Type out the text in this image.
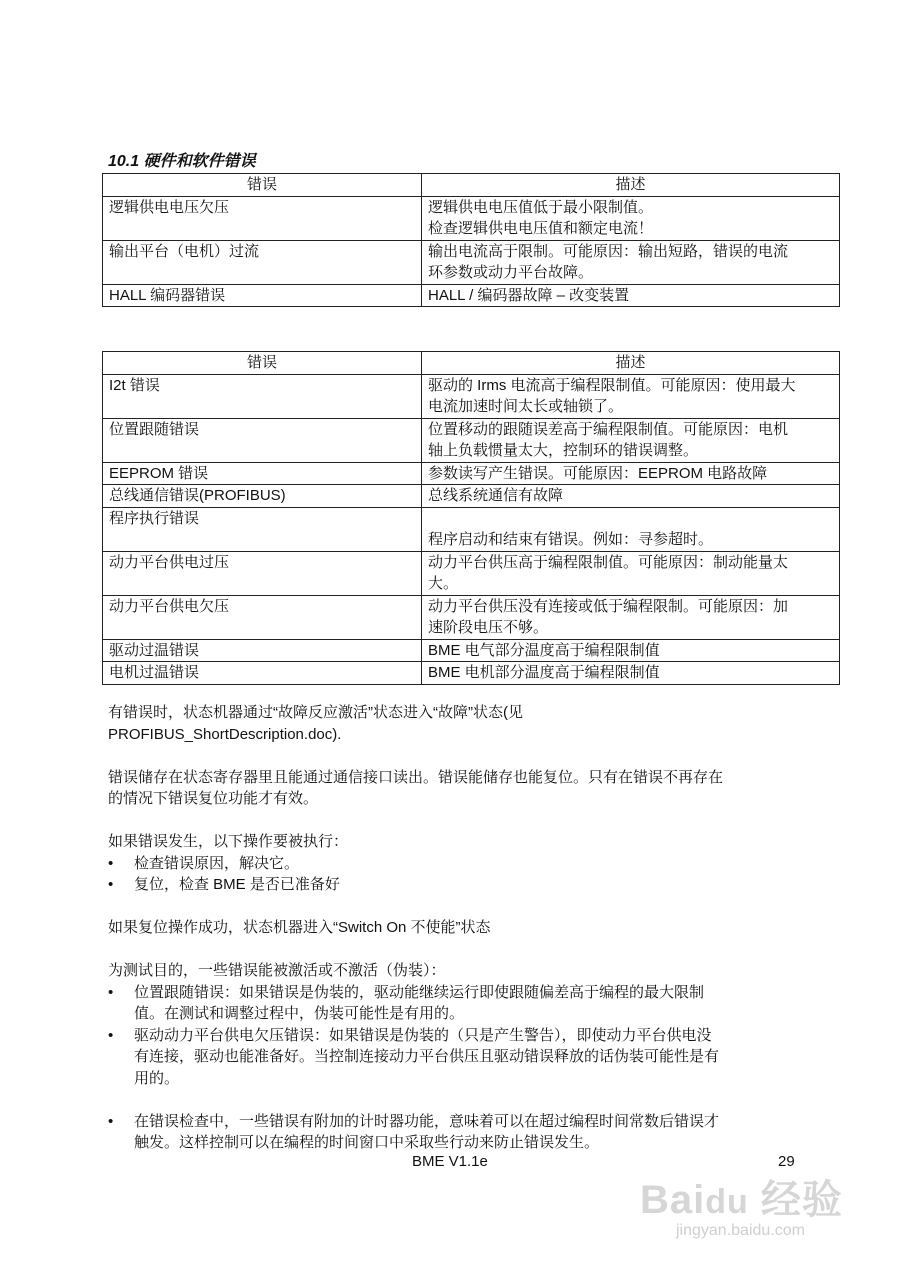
10.1 硬件和软件错误
错误	描述

逻辑供电电压欠压	逻辑供电电压值低于最小限制值。
检查逻辑供电电压值和额定电流！

输出平台（电机）过流	输出电流高于限制。可能原因：输出短路，错误的电流
环参数或动力平台故障。

HALL 编码器错误	HALL / 编码器故障 – 改变装置
错误	描述

I2t 错误	驱动的 Irms 电流高于编程限制值。可能原因：使用最大
电流加速时间太长或轴锁了。

位置跟随错误	位置移动的跟随误差高于编程限制值。可能原因：电机
轴上负载惯量太大，控制环的错误调整。

EEPROM 错误	参数读写产生错误。可能原因：EEPROM 电路故障

总线通信错误(PROFIBUS)	总线系统通信有故障

程序执行错误	程序启动和结束有错误。例如：寻参超时。

动力平台供电过压	动力平台供压高于编程限制值。可能原因：制动能量太
大。

动力平台供电欠压	动力平台供压没有连接或低于编程限制。可能原因：加
速阶段电压不够。

驱动过温错误	BME 电气部分温度高于编程限制值

电机过温错误	BME 电机部分温度高于编程限制值
有错误时，状态机器通过“故障反应激活”状态进入“故障”状态(见
PROFIBUS_ShortDescription.doc).
错误储存在状态寄存器里且能通过通信接口读出。错误能储存也能复位。只有在错误不再存在
的情况下错误复位功能才有效。
如果错误发生，以下操作要被执行：
• 检查错误原因，解决它。
• 复位，检查 BME 是否已准备好
如果复位操作成功，状态机器进入“Switch On 不使能”状态
为测试目的，一些错误能被激活或不激活（伪装）：
• 位置跟随错误：如果错误是伪装的，驱动能继续运行即使跟随偏差高于编程的最大限制
值。在测试和调整过程中，伪装可能性是有用的。
• 驱动动力平台供电欠压错误：如果错误是伪装的（只是产生警告），即使动力平台供电没
有连接，驱动也能准备好。当控制连接动力平台供压且驱动错误释放的话伪装可能性是有
用的。
• 在错误检查中，一些错误有附加的计时器功能，意味着可以在超过编程时间常数后错误才
触发。这样控制可以在编程的时间窗口中采取些行动来防止错误发生。
BME V1.1e	29
Baidu 经验
jingyan.baidu.com
